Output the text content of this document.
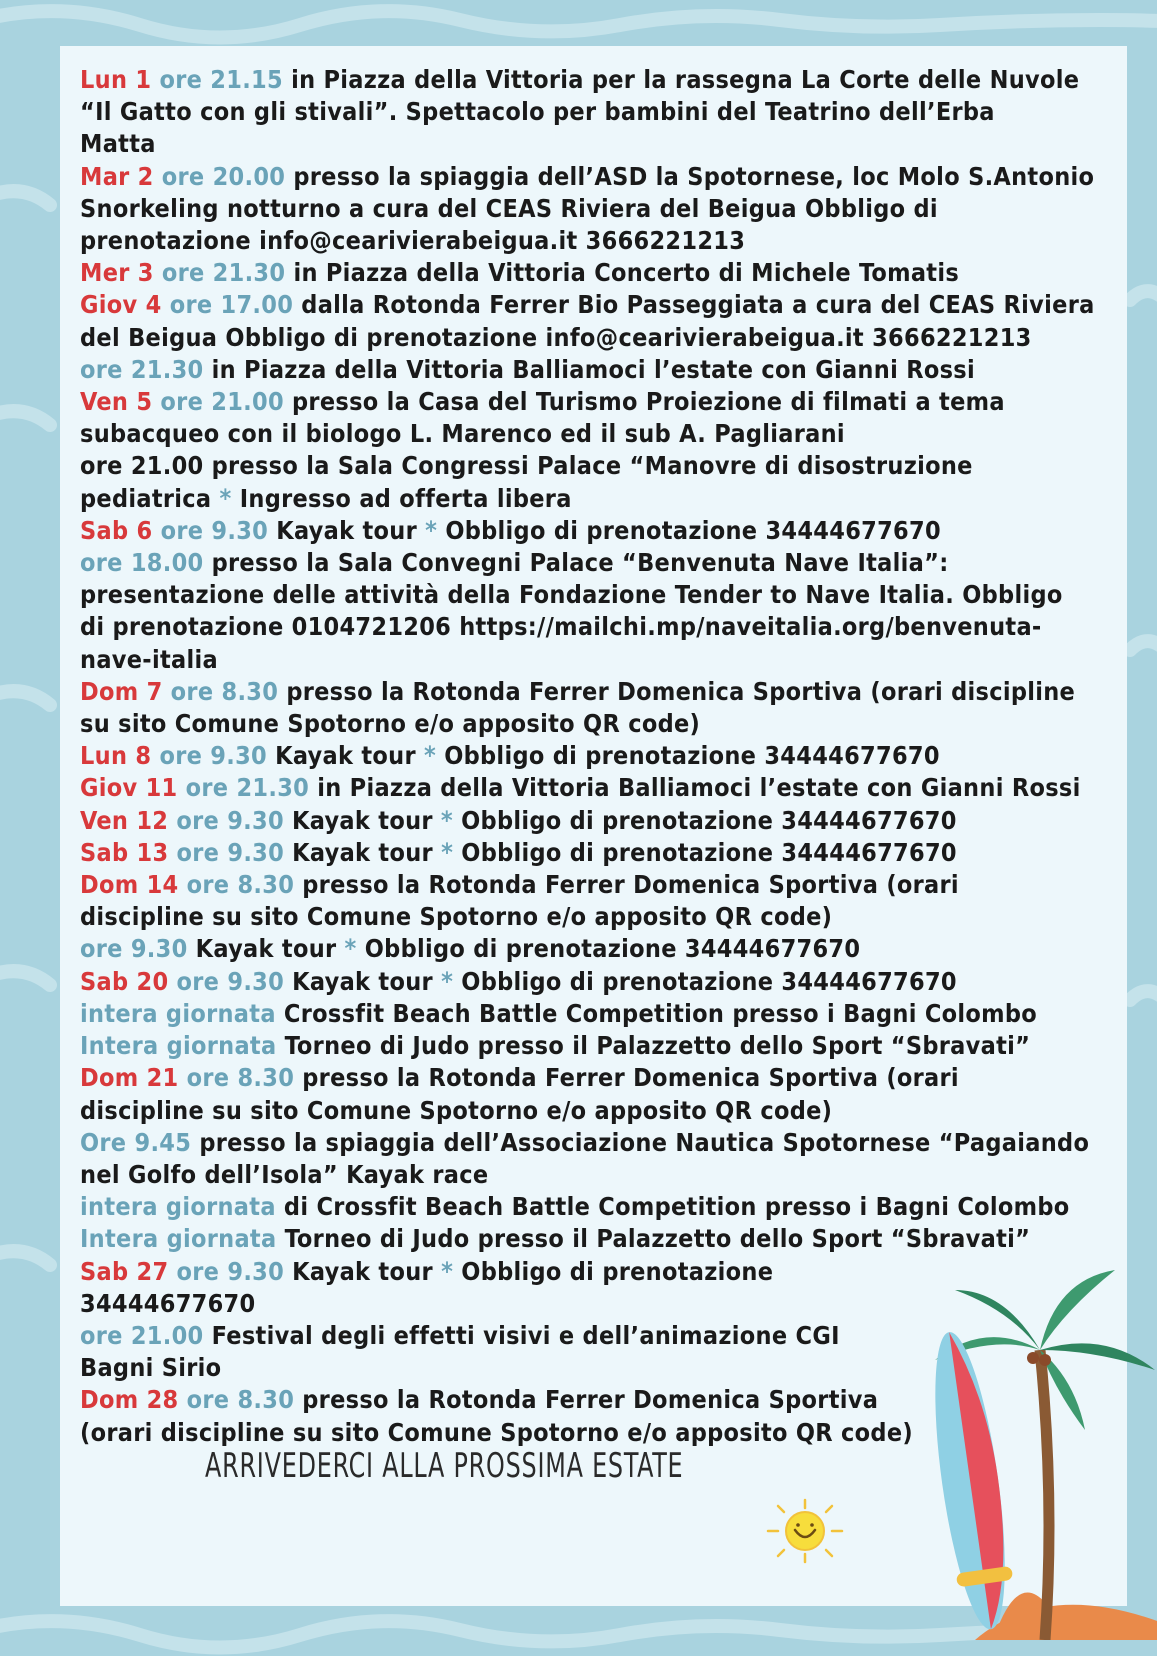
Lun 1 ore 21.15 in Piazza della Vittoria per la rassegna La Corte delle Nuvole
“Il Gatto con gli stivali”. Spettacolo per bambini del Teatrino dell’Erba
Matta
Mar 2 ore 20.00 presso la spiaggia dell’ASD la Spotornese, loc Molo S.Antonio
Snorkeling notturno a cura del CEAS Riviera del Beigua Obbligo di
prenotazione info@cearivierabeigua.it 3666221213
Mer 3 ore 21.30 in Piazza della Vittoria Concerto di Michele Tomatis
Giov 4 ore 17.00 dalla Rotonda Ferrer Bio Passeggiata a cura del CEAS Riviera
del Beigua Obbligo di prenotazione info@cearivierabeigua.it 3666221213
ore 21.30 in Piazza della Vittoria Balliamoci l’estate con Gianni Rossi
Ven 5 ore 21.00 presso la Casa del Turismo Proiezione di filmati a tema
subacqueo con il biologo L. Marenco ed il sub A. Pagliarani
ore 21.00 presso la Sala Congressi Palace “Manovre di disostruzione
pediatrica * Ingresso ad offerta libera
Sab 6 ore 9.30 Kayak tour * Obbligo di prenotazione 34444677670
ore 18.00 presso la Sala Convegni Palace “Benvenuta Nave Italia”:
presentazione delle attività della Fondazione Tender to Nave Italia. Obbligo
di prenotazione 0104721206 https://mailchi.mp/naveitalia.org/benvenuta-
nave-italia
Dom 7 ore 8.30 presso la Rotonda Ferrer Domenica Sportiva (orari discipline
su sito Comune Spotorno e/o apposito QR code)
Lun 8 ore 9.30 Kayak tour * Obbligo di prenotazione 34444677670
Giov 11 ore 21.30 in Piazza della Vittoria Balliamoci l’estate con Gianni Rossi
Ven 12 ore 9.30 Kayak tour * Obbligo di prenotazione 34444677670
Sab 13 ore 9.30 Kayak tour * Obbligo di prenotazione 34444677670
Dom 14 ore 8.30 presso la Rotonda Ferrer Domenica Sportiva (orari
discipline su sito Comune Spotorno e/o apposito QR code)
ore 9.30 Kayak tour * Obbligo di prenotazione 34444677670
Sab 20 ore 9.30 Kayak tour * Obbligo di prenotazione 34444677670
intera giornata Crossfit Beach Battle Competition presso i Bagni Colombo
Intera giornata Torneo di Judo presso il Palazzetto dello Sport “Sbravati”
Dom 21 ore 8.30 presso la Rotonda Ferrer Domenica Sportiva (orari
discipline su sito Comune Spotorno e/o apposito QR code)
Ore 9.45 presso la spiaggia dell’Associazione Nautica Spotornese “Pagaiando
nel Golfo dell’Isola” Kayak race
intera giornata di Crossfit Beach Battle Competition presso i Bagni Colombo
Intera giornata Torneo di Judo presso il Palazzetto dello Sport “Sbravati”
Sab 27 ore 9.30 Kayak tour * Obbligo di prenotazione
34444677670
ore 21.00 Festival degli effetti visivi e dell’animazione CGI
Bagni Sirio
Dom 28 ore 8.30 presso la Rotonda Ferrer Domenica Sportiva
(orari discipline su sito Comune Spotorno e/o apposito QR code)
ARRIVEDERCI ALLA PROSSIMA ESTATE
